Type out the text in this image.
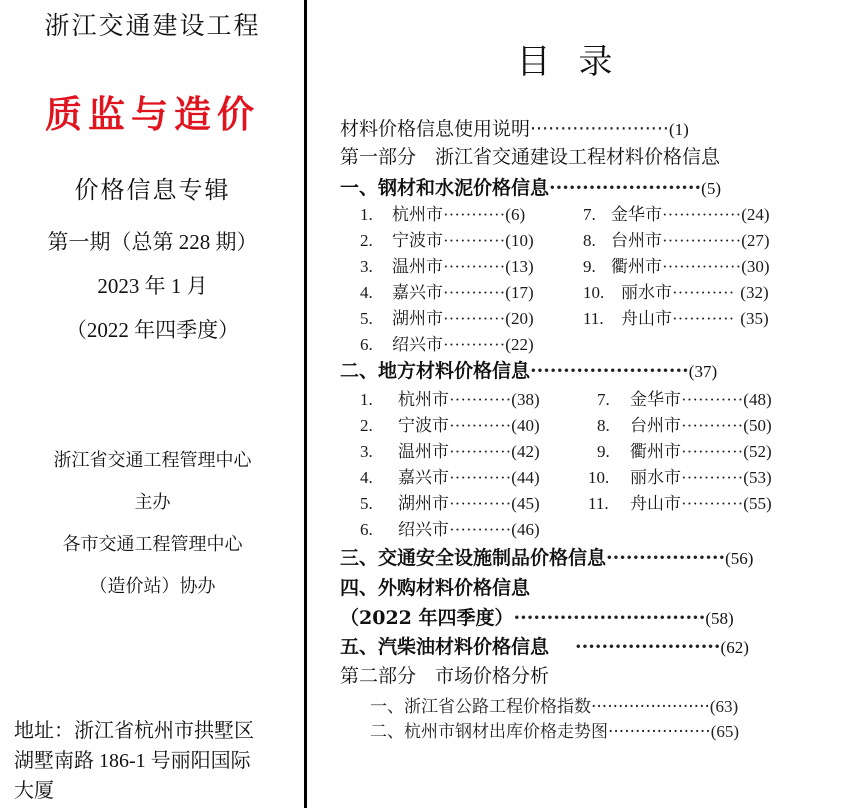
浙江交通建设工程
质监与造价
价格信息专辑
第一期（总第 228 期）
2023 年 1 月
（2022 年四季度）
浙江省交通工程管理中心
主办
各市交通工程管理中心
（造价站）协办
地址：浙江省杭州市拱墅区
湖墅南路 186-1 号丽阳国际
大厦
目录
材料价格信息使用说明 ······················· (1)
第一部分　浙江省交通建设工程材料价格信息
一、钢材和水泥价格信息 ······················· (5)
1.	杭州市 ··········· (6)
2.	宁波市 ··········· (10)
3.	温州市 ··········· (13)
4.	嘉兴市 ··········· (17)
5.	湖州市 ··········· (20)
6.	绍兴市 ··········· (22)
7. 金华市 ·············· (24)
8. 台州市 ·············· (27)
9. 衢州市 ·············· (30)
10. 丽水市 ··········· (32)
11.	舟山市 ··········· (35)
二、地方材料价格信息 ························ (37)
1.	杭州市 ··········· (38)
2.	宁波市 ··········· (40)
3.	温州市 ··········· (42)
4.	嘉兴市 ··········· (44)
5.	湖州市 ··········· (45)
6.	绍兴市 ··········· (46)
7.	金华市 ··········· (48)
8.	台州市 ··········· (50)
9.	衢州市 ··········· (52)
10.	丽水市 ··········· (53)
11.	舟山市 ··········· (55)
三、交通安全设施制品价格信息 ·················· (56)
四、外购材料价格信息
（2022 年四季度） ····························· (58)
五、汽柴油材料价格信息 ······················ (62)
第二部分　市场价格分析
一、浙江省公路工程价格指数 ······················ (63)
二、杭州市钢材出库价格走势图 ··················· (65)
